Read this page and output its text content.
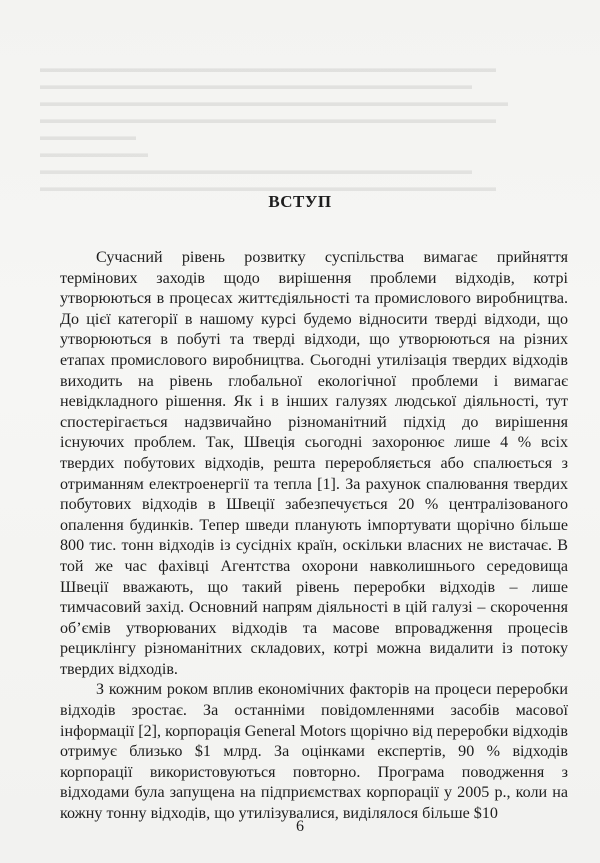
▬▬▬▬▬▬▬▬▬▬▬▬▬▬▬▬▬▬▬▬▬▬▬▬▬▬▬▬▬▬▬▬▬▬▬▬▬▬
▬▬▬▬▬▬▬▬▬▬▬▬▬▬▬▬▬▬▬▬▬▬▬▬▬▬▬▬▬▬▬▬▬▬▬▬
▬▬▬▬▬▬▬▬▬▬▬▬▬▬▬▬▬▬▬▬▬▬▬▬▬▬▬▬▬▬▬▬▬▬▬▬▬▬▬
▬▬▬▬▬▬▬▬▬▬▬▬▬▬▬▬▬▬▬▬▬▬▬▬▬▬▬▬▬▬▬▬▬▬▬▬▬▬
▬▬▬▬▬▬▬▬
▬▬▬▬▬▬▬▬▬
▬▬▬▬▬▬▬▬▬▬▬▬▬▬▬▬▬▬▬▬▬▬▬▬▬▬▬▬▬▬▬▬▬▬▬▬
▬▬▬▬▬▬▬▬▬▬▬▬▬▬▬▬▬▬▬▬▬▬▬▬▬▬▬▬▬▬▬▬▬▬▬▬▬▬
ВСТУП

Сучасний рівень розвитку суспільства вимагає прийняття термінових заходів щодо вирішення проблеми відходів, котрі утворюються в процесах життєдіяльності та промислового виробництва. До цієї категорії в нашому курсі будемо відносити тверді відходи, що утворюються в побуті та тверді відходи, що утворюються на різних етапах промислового виробництва. Сьогодні утилізація твердих відходів виходить на рівень глобальної екологічної проблеми і вимагає невідкладного рішення. Як і в інших галузях людської діяльності, тут спостерігається надзвичайно різноманітний підхід до вирішення існуючих проблем. Так, Швеція сьогодні захоронює лише 4 % всіх твердих побутових відходів, решта переробляється або спалюється з отриманням електроенергії та тепла [1]. За рахунок спалювання твердих побутових відходів в Швеції забезпечується 20 % централізованого опалення будинків. Тепер шведи планують імпортувати щорічно більше 800 тис. тонн відходів із сусідніх країн, оскільки власних не вистачає. В той же час фахівці Агентства охорони навколишнього середовища Швеції вважають, що такий рівень переробки відходів – лише тимчасовий захід. Основний напрям діяльності в цій галузі – скорочення об’ємів утворюваних відходів та масове впровадження процесів рециклінгу різноманітних складових, котрі можна видалити із потоку твердих відходів.

З кожним роком вплив економічних факторів на процеси переробки відходів зростає. За останніми повідомленнями засобів масової інформації [2], корпорація General Motors щорічно від переробки відходів отримує близько $1 млрд. За оцінками експертів, 90 % відходів корпорації використовуються повторно. Програма поводження з відходами була запущена на підприємствах корпорації у 2005 р., коли на кожну тонну відходів, що утилізувалися, виділялося більше $10

6
